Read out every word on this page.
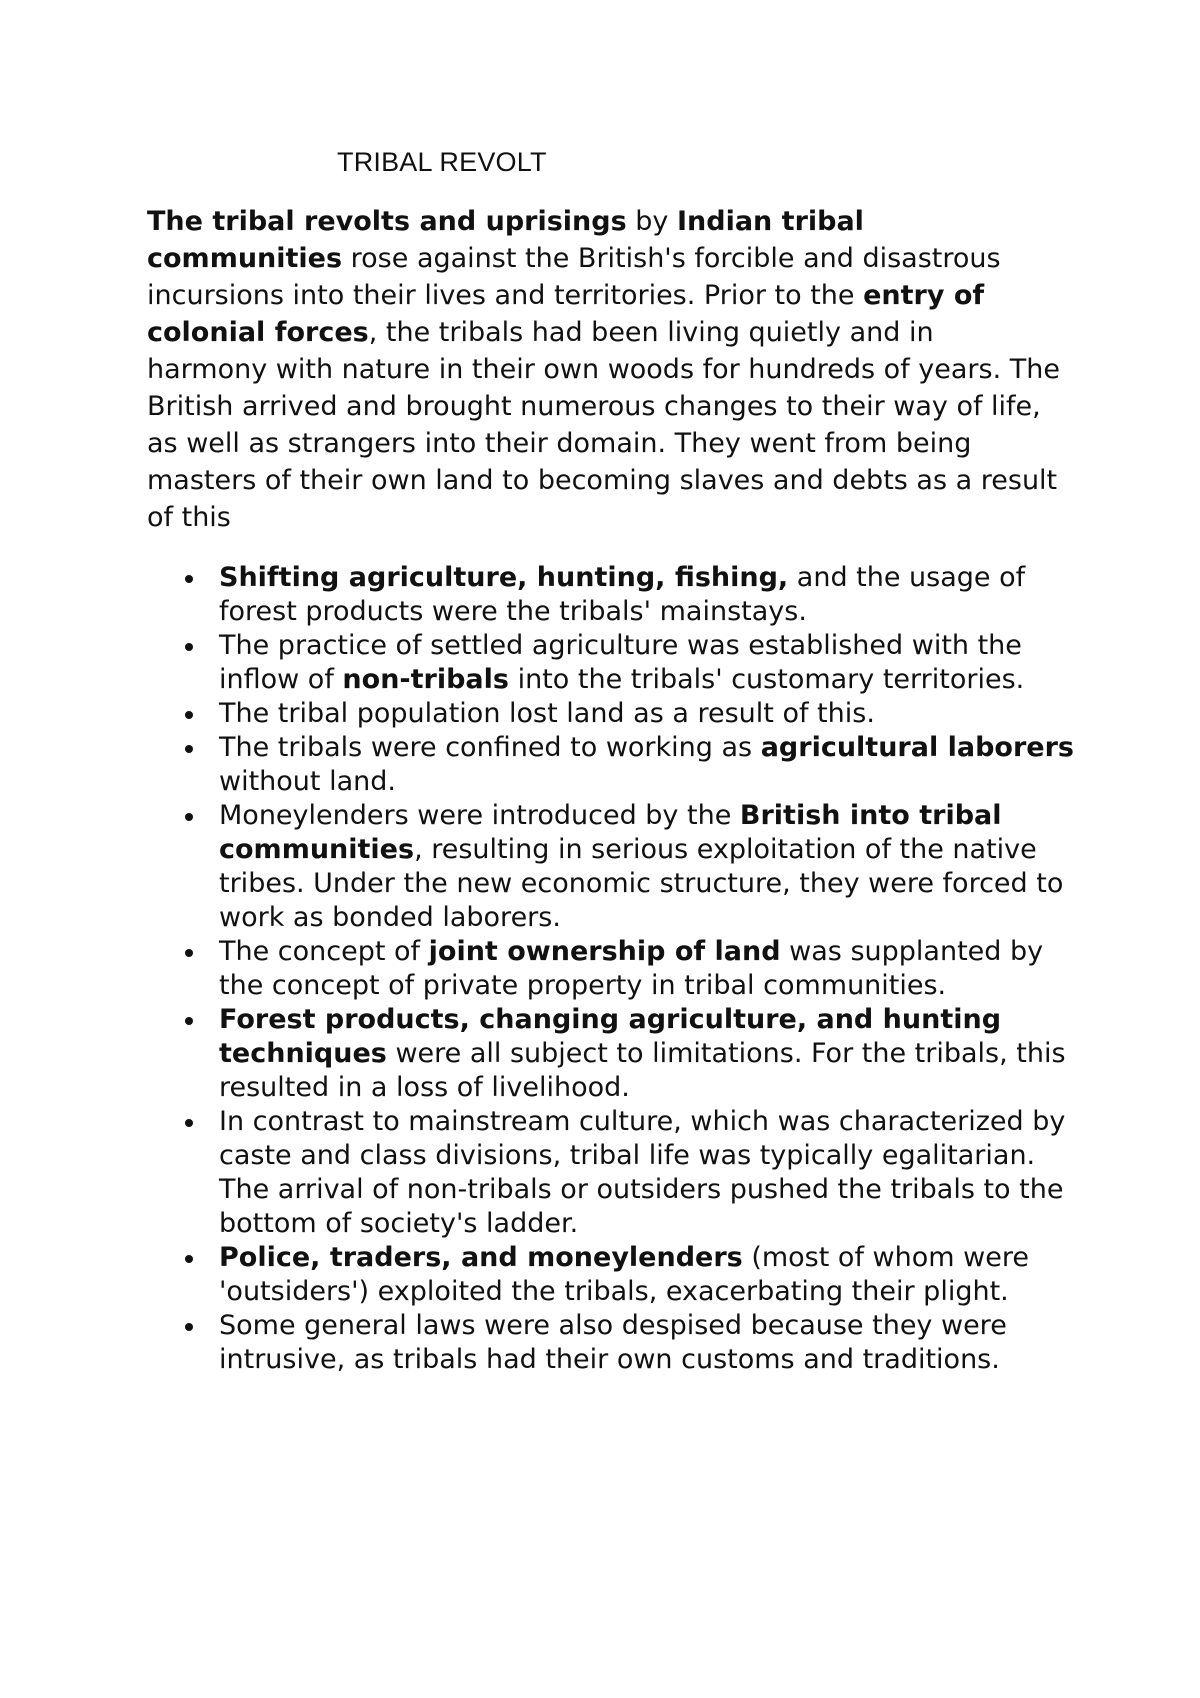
TRIBAL REVOLT

The tribal revolts and uprisings by Indian tribal communities rose against the British's forcible and disastrous incursions into their lives and territories. Prior to the entry of colonial forces, the tribals had been living quietly and in harmony with nature in their own woods for hundreds of years. The British arrived and brought numerous changes to their way of life, as well as strangers into their domain. They went from being masters of their own land to becoming slaves and debts as a result of this

Shifting agriculture, hunting, fishing, and the usage of forest products were the tribals' mainstays.
The practice of settled agriculture was established with the inflow of non-tribals into the tribals' customary territories.
The tribal population lost land as a result of this.
The tribals were confined to working as agricultural laborers without land.
Moneylenders were introduced by the British into tribal communities, resulting in serious exploitation of the native tribes. Under the new economic structure, they were forced to work as bonded laborers.
The concept of joint ownership of land was supplanted by the concept of private property in tribal communities.
Forest products, changing agriculture, and hunting techniques were all subject to limitations. For the tribals, this resulted in a loss of livelihood.
In contrast to mainstream culture, which was characterized by caste and class divisions, tribal life was typically egalitarian. The arrival of non-tribals or outsiders pushed the tribals to the bottom of society's ladder.
Police, traders, and moneylenders (most of whom were 'outsiders') exploited the tribals, exacerbating their plight.
Some general laws were also despised because they were intrusive, as tribals had their own customs and traditions.
